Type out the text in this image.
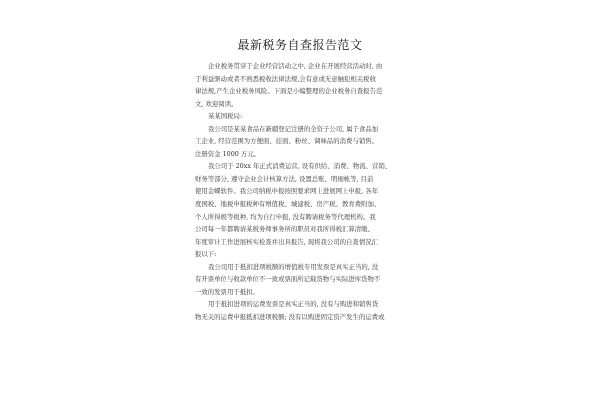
最新税务自查报告范文
企业税务贯穿于企业经营活动之中, 企业在开展经营活动时, 由
于利益驱动或者不熟悉税收法律法规,会有意或无意触犯相关税收
律法规,产生企业税务风险。下面是小编整理的企业税务自查报告范
文, 欢迎阅读。
某某国税局:
我公司是某某食品在新疆登记注册的全资子公司, 属于食品加
工企业, 经营范围为方便面、挂面、粉丝、调味品的消费与销售。
注册资金 1000 万元。
我公司于 20xx 年正式消费运营, 设有供给、消费、物流、营销、
财务等部分, 遵守企业会计核算方法, 设置总账、明细帐等, 目前
使用金蝶软件。我公司纳税申报按照要求网上进展网上申报, 各年
度国税、地税申报税种有增值税、城建税、房产税、教育费附加、
个人所得税等税种, 均为自行申报, 没有聘请税务等代理机构。我
公司每一年都聘请某税务师事务所的职员对我所得税汇算清缴、
年度审计工作进展核实检查并出具报告, 现将我公司的自查情况汇
报以下:
我公司用于抵扣进项税额的增值税专用发票是真实正当的, 没
有开票单位与收款单位不一致或票面所记载货物与实际进库货物不
一致的发票用于抵扣。
用于抵扣进项的运费发票是真实正当的, 没有与购进和销售货
物无关的运费申报抵扣进项税额; 没有以购进固定资产发生的运费或
